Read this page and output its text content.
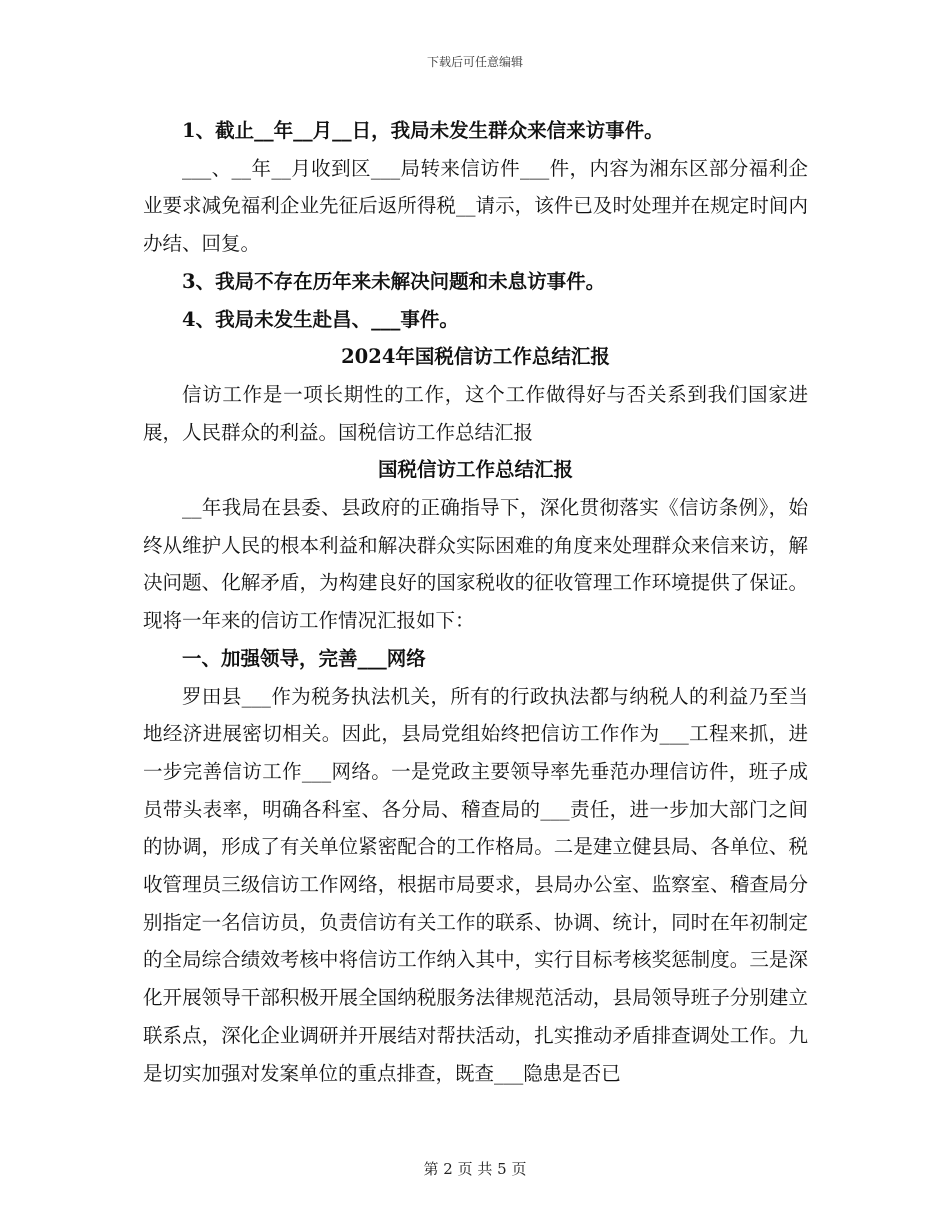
下载后可任意编辑

1、截止__年__月__日，我局未发生群众来信来访事件。

___、__年__月收到区___局转来信访件___件，内容为湘东区部分福利企业要求减免福利企业先征后返所得税__请示，该件已及时处理并在规定时间内办结、回复。

3、我局不存在历年来未解决问题和未息访事件。

4、我局未发生赴昌、___事件。

2024年国税信访工作总结汇报

信访工作是一项长期性的工作，这个工作做得好与否关系到我们国家进展，人民群众的利益。国税信访工作总结汇报

国税信访工作总结汇报

__年我局在县委、县政府的正确指导下，深化贯彻落实《信访条例》，始终从维护人民的根本利益和解决群众实际困难的角度来处理群众来信来访，解决问题、化解矛盾，为构建良好的国家税收的征收管理工作环境提供了保证。现将一年来的信访工作情况汇报如下：

一、加强领导，完善___网络

罗田县___作为税务执法机关，所有的行政执法都与纳税人的利益乃至当地经济进展密切相关。因此，县局党组始终把信访工作作为___工程来抓，进一步完善信访工作___网络。一是党政主要领导率先垂范办理信访件，班子成员带头表率，明确各科室、各分局、稽查局的___责任，进一步加大部门之间的协调，形成了有关单位紧密配合的工作格局。二是建立健县局、各单位、税收管理员三级信访工作网络，根据市局要求，县局办公室、监察室、稽查局分别指定一名信访员，负责信访有关工作的联系、协调、统计，同时在年初制定的全局综合绩效考核中将信访工作纳入其中，实行目标考核奖惩制度。三是深化开展领导干部积极开展全国纳税服务法律规范活动，县局领导班子分别建立联系点，深化企业调研并开展结对帮扶活动，扎实推动矛盾排查调处工作。九是切实加强对发案单位的重点排查，既查___隐患是否已

第 2 页 共 5 页
